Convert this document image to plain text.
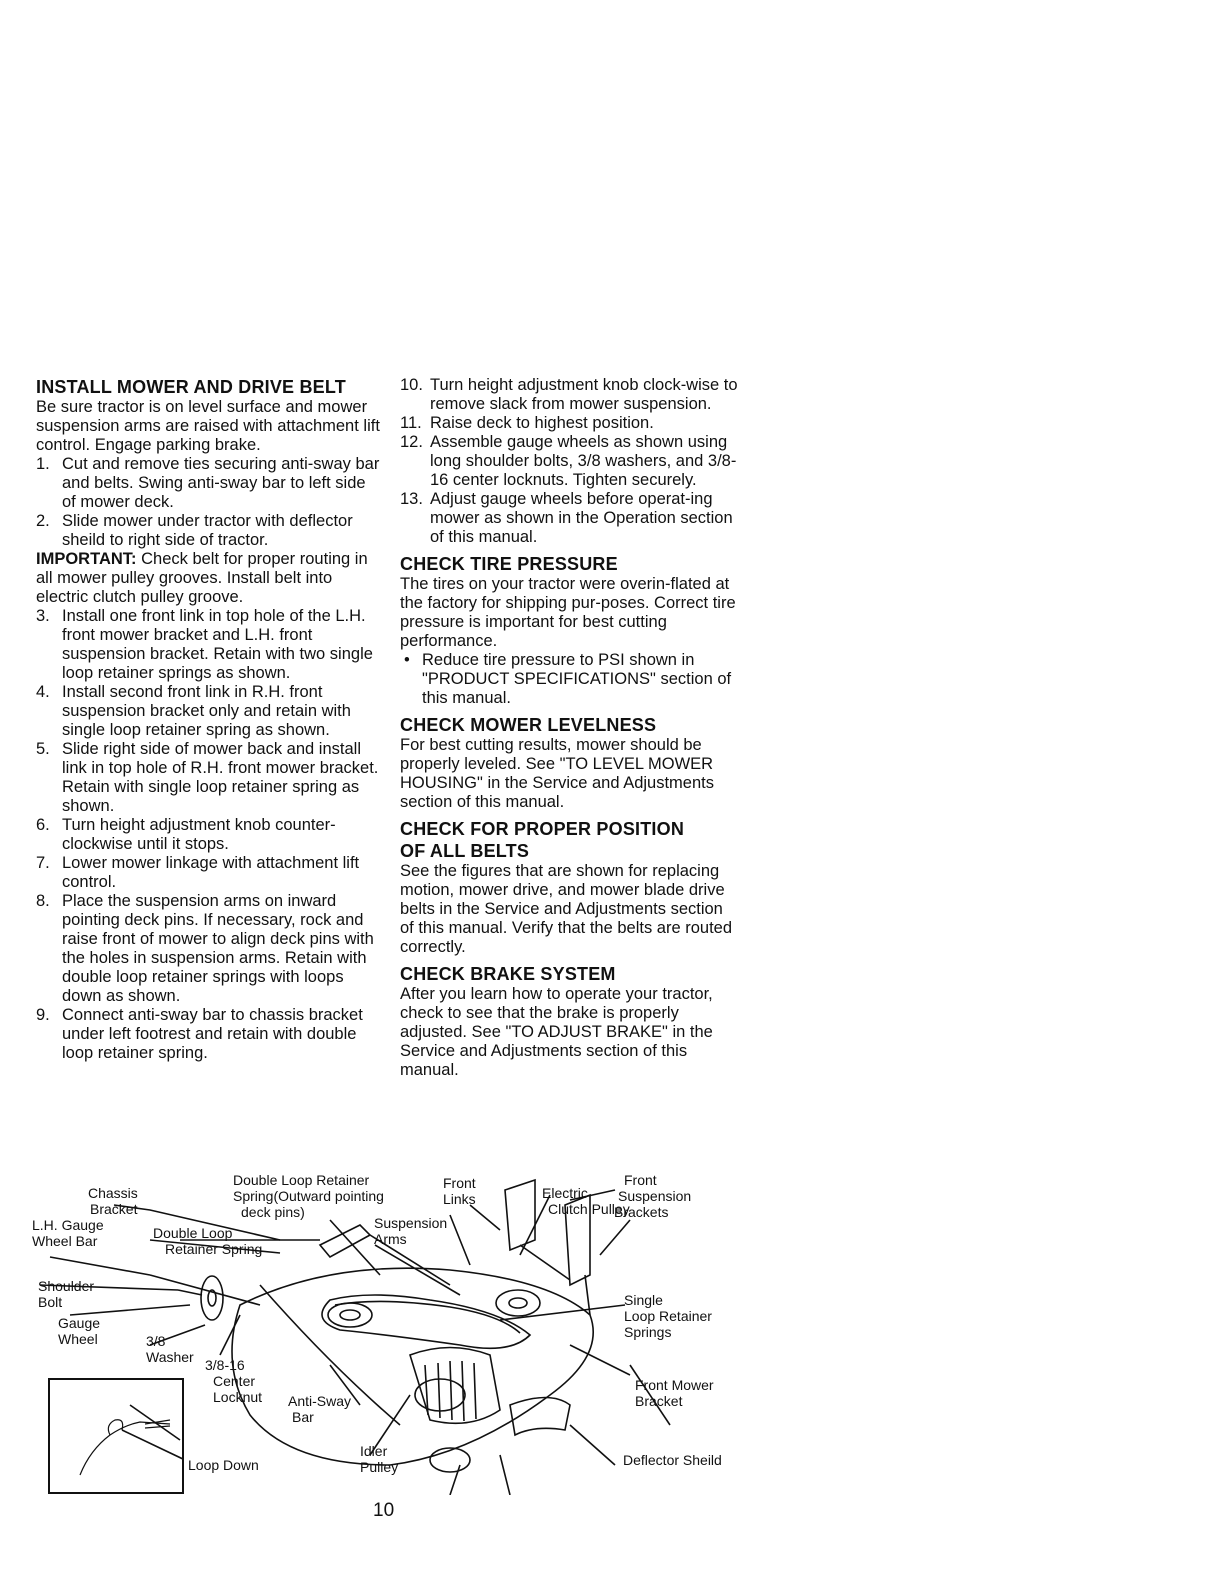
INSTALL MOWER AND DRIVE BELT

Be sure tractor is on level surface and mower suspension arms are raised with attachment lift control. Engage parking brake.

1. Cut and remove ties securing anti-sway bar and belts. Swing anti-sway bar to left side of mower deck.
2. Slide mower under tractor with deflector sheild to right side of tractor.

IMPORTANT: Check belt for proper routing in all mower pulley grooves. Install belt into electric clutch pulley groove.

3. Install one front link in top hole of the L.H. front mower bracket and L.H. front suspension bracket. Retain with two single loop retainer springs as shown.
4. Install second front link in R.H. front suspension bracket only and retain with single loop retainer spring as shown.
5. Slide right side of mower back and install link in top hole of R.H. front mower bracket. Retain with single loop retainer spring as shown.
6. Turn height adjustment knob counter-clockwise until it stops.
7. Lower mower linkage with attachment lift control.
8. Place the suspension arms on inward pointing deck pins. If necessary, rock and raise front of mower to align deck pins with the holes in suspension arms. Retain with double loop retainer springs with loops down as shown.
9. Connect anti-sway bar to chassis bracket under left footrest and retain with double loop retainer spring.
10. Turn height adjustment knob clock-wise to remove slack from mower suspension.
11. Raise deck to highest position.
12. Assemble gauge wheels as shown using long shoulder bolts, 3/8 washers, and 3/8-16 center locknuts. Tighten securely.
13. Adjust gauge wheels before operat-ing mower as shown in the Operation section of this manual.
CHECK TIRE PRESSURE

The tires on your tractor were overin-flated at the factory for shipping pur-poses. Correct tire pressure is important for best cutting performance.

• Reduce tire pressure to PSI shown in "PRODUCT SPECIFICATIONS" section of this manual.
CHECK MOWER LEVELNESS

For best cutting results, mower should be properly leveled. See "TO LEVEL MOWER HOUSING" in the Service and Adjustments section of this manual.

CHECK FOR PROPER POSITION
OF ALL BELTS

See the figures that are shown for replacing motion, mower drive, and mower blade drive belts in the Service and Adjustments section of this manual. Verify that the belts are routed correctly.

CHECK BRAKE SYSTEM

After you learn how to operate your tractor, check to see that the brake is properly adjusted. See "TO ADJUST BRAKE" in the Service and Adjustments section of this manual.

Chassis
Bracket
Double Loop Retainer
Spring(Outward pointing
deck pins)
Front
Links	Electric
Clutch Pulley
Front
Suspension
Brackets
L.H. Gauge
Wheel Bar	Double Loop
Retainer Spring
Suspension
Arms
Shoulder
Bolt
Gauge
Wheel	3/8
Washer 3/8-16
Center
Locknut Anti-Sway
Bar
Idler
Pulley
Single
Loop Retainer
Springs
Front Mower
Bracket
Deflector Sheild
Loop Down
10
